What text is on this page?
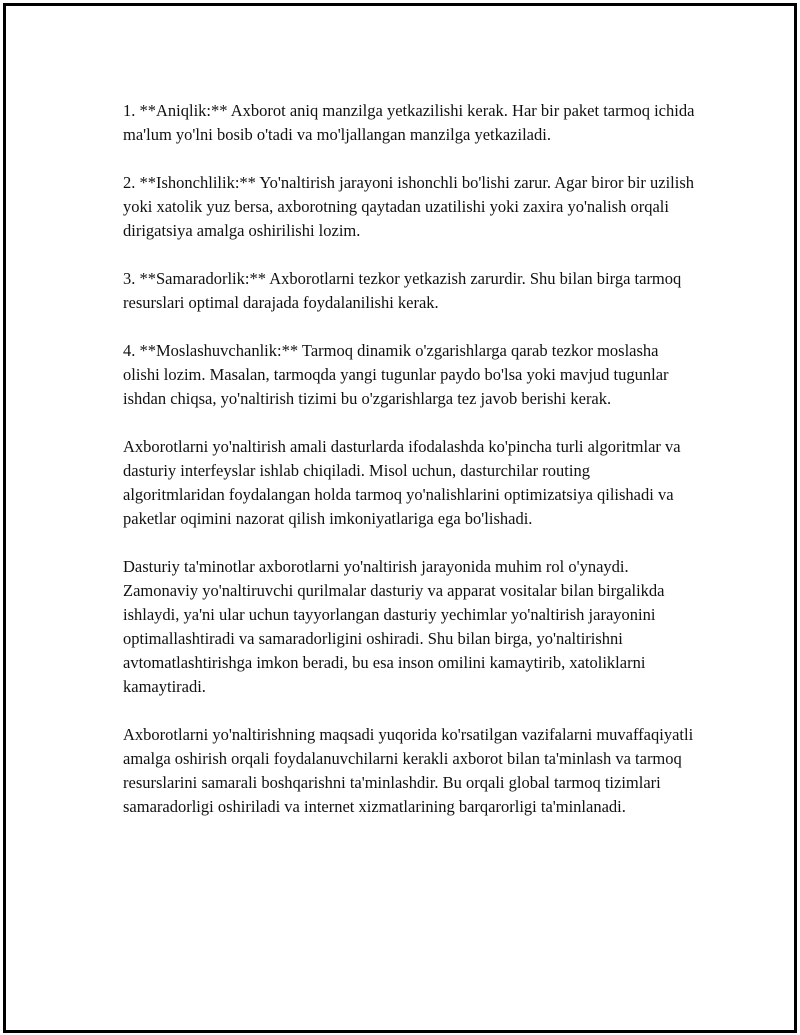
1. **Aniqlik:** Axborot aniq manzilga yetkazilishi kerak. Har bir paket tarmoq ichida ma'lum yo'lni bosib o'tadi va mo'ljallangan manzilga yetkaziladi.

2. **Ishonchlilik:** Yo'naltirish jarayoni ishonchli bo'lishi zarur. Agar biror bir uzilish yoki xatolik yuz bersa, axborotning qaytadan uzatilishi yoki zaxira yo'nalish orqali dirigatsiya amalga oshirilishi lozim.

3. **Samaradorlik:** Axborotlarni tezkor yetkazish zarurdir. Shu bilan birga tarmoq resurslari optimal darajada foydalanilishi kerak.

4. **Moslashuvchanlik:** Tarmoq dinamik o'zgarishlarga qarab tezkor moslasha olishi lozim. Masalan, tarmoqda yangi tugunlar paydo bo'lsa yoki mavjud tugunlar ishdan chiqsa, yo'naltirish tizimi bu o'zgarishlarga tez javob berishi kerak.

Axborotlarni yo'naltirish amali dasturlarda ifodalashda ko'pincha turli algoritmlar va dasturiy interfeyslar ishlab chiqiladi. Misol uchun, dasturchilar routing algoritmlaridan foydalangan holda tarmoq yo'nalishlarini optimizatsiya qilishadi va paketlar oqimini nazorat qilish imkoniyatlariga ega bo'lishadi.

Dasturiy ta'minotlar axborotlarni yo'naltirish jarayonida muhim rol o'ynaydi. Zamonaviy yo'naltiruvchi qurilmalar dasturiy va apparat vositalar bilan birgalikda ishlaydi, ya'ni ular uchun tayyorlangan dasturiy yechimlar yo'naltirish jarayonini optimallashtiradi va samaradorligini oshiradi. Shu bilan birga, yo'naltirishni avtomatlashtirishga imkon beradi, bu esa inson omilini kamaytirib, xatoliklarni kamaytiradi.

Axborotlarni yo'naltirishning maqsadi yuqorida ko'rsatilgan vazifalarni muvaffaqiyatli amalga oshirish orqali foydalanuvchilarni kerakli axborot bilan ta'minlash va tarmoq resurslarini samarali boshqarishni ta'minlashdir. Bu orqali global tarmoq tizimlari samaradorligi oshiriladi va internet xizmatlarining barqarorligi ta'minlanadi.
